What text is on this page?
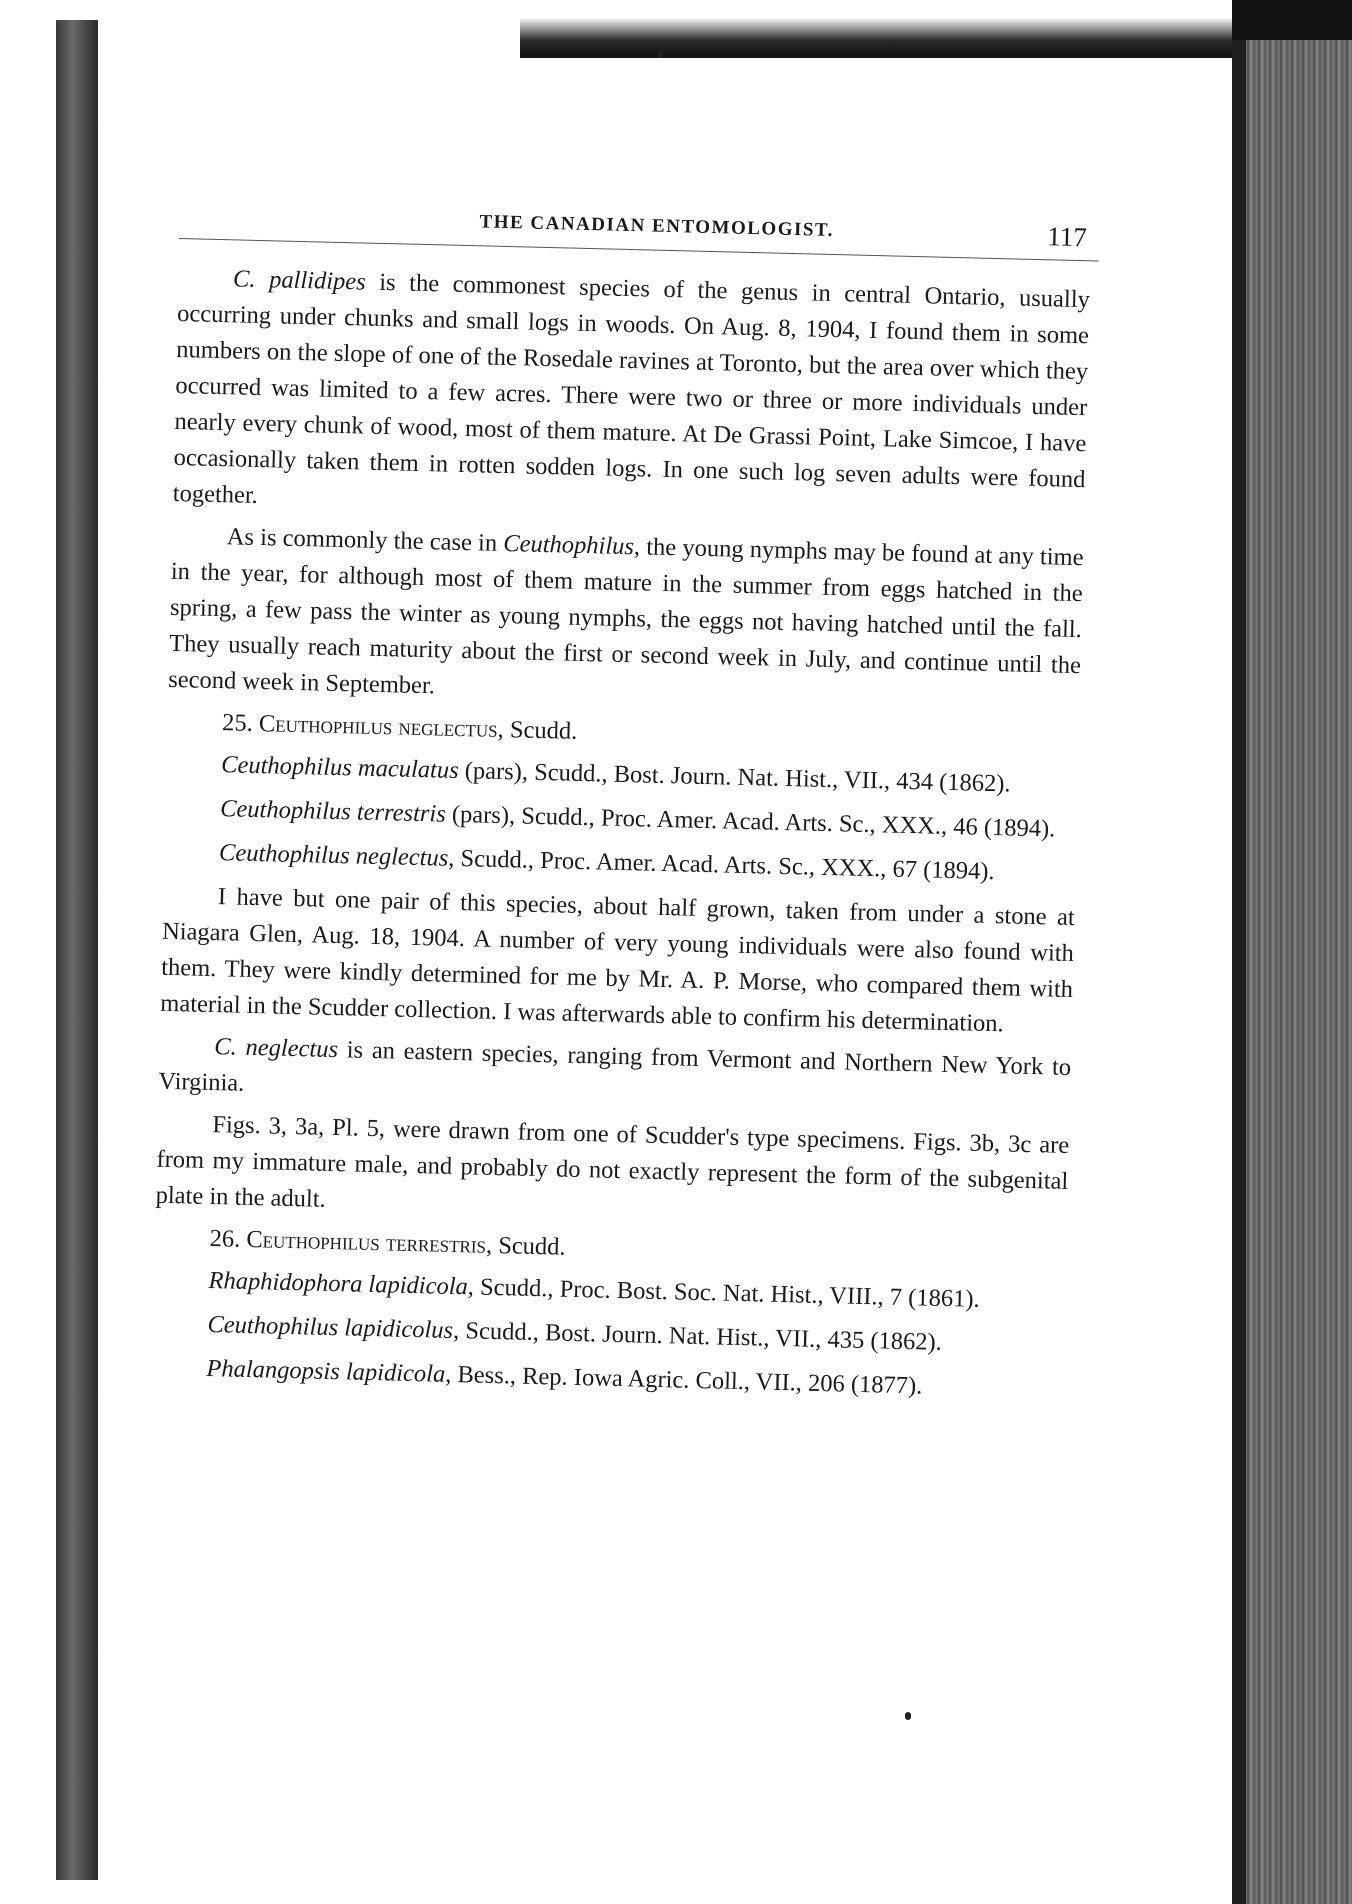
THE CANADIAN ENTOMOLOGIST.	117

C. pallidipes is the commonest species of the genus in central Ontario, usually occurring under chunks and small logs in woods. On Aug. 8, 1904, I found them in some numbers on the slope of one of the Rosedale ravines at Toronto, but the area over which they occurred was limited to a few acres. There were two or three or more individuals under nearly every chunk of wood, most of them mature. At De Grassi Point, Lake Simcoe, I have occasionally taken them in rotten sodden logs. In one such log seven adults were found together.

As is commonly the case in Ceuthophilus, the young nymphs may be found at any time in the year, for although most of them mature in the summer from eggs hatched in the spring, a few pass the winter as young nymphs, the eggs not having hatched until the fall. They usually reach maturity about the first or second week in July, and continue until the second week in September.

25. Ceuthophilus neglectus, Scudd.

Ceuthophilus maculatus (pars), Scudd., Bost. Journ. Nat. Hist., VII., 434 (1862).

Ceuthophilus terrestris (pars), Scudd., Proc. Amer. Acad. Arts. Sc., XXX., 46 (1894).

Ceuthophilus neglectus, Scudd., Proc. Amer. Acad. Arts. Sc., XXX., 67 (1894).

I have but one pair of this species, about half grown, taken from under a stone at Niagara Glen, Aug. 18, 1904. A number of very young individuals were also found with them. They were kindly determined for me by Mr. A. P. Morse, who compared them with material in the Scudder collection. I was afterwards able to confirm his determination.

C. neglectus is an eastern species, ranging from Vermont and Northern New York to Virginia.

Figs. 3, 3a, Pl. 5, were drawn from one of Scudder's type specimens. Figs. 3b, 3c are from my immature male, and probably do not exactly represent the form of the subgenital plate in the adult.

26. Ceuthophilus terrestris, Scudd.

Rhaphidophora lapidicola, Scudd., Proc. Bost. Soc. Nat. Hist., VIII., 7 (1861).

Ceuthophilus lapidicolus, Scudd., Bost. Journ. Nat. Hist., VII., 435 (1862).

Phalangopsis lapidicola, Bess., Rep. Iowa Agric. Coll., VII., 206 (1877).
